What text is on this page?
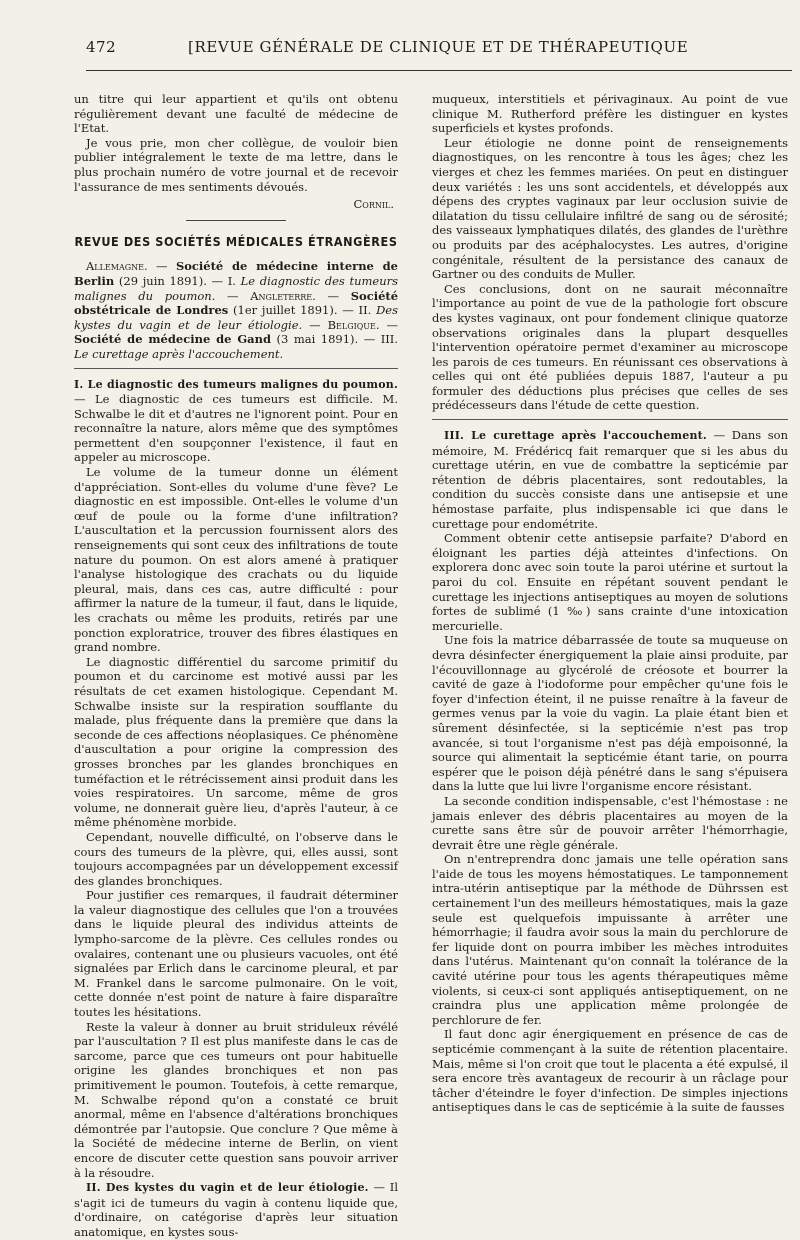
472	[REVUE GÉNÉRALE DE CLINIQUE ET DE THÉRAPEUTIQUE

un titre qui leur appartient et qu'ils ont obtenu régulièrement devant une faculté de médecine de l'Etat.

Je vous prie, mon cher collègue, de vouloir bien publier intégralement le texte de ma lettre, dans le plus prochain numéro de votre journal et de recevoir l'assurance de mes sentiments dévoués.

Cornil.
REVUE DES SOCIÉTÉS MÉDICALES ÉTRANGÈRES

Allemagne. — Société de médecine interne de Berlin (29 juin 1891). — I. Le diagnostic des tumeurs malignes du poumon. — Angleterre. — Société obstétricale de Londres (1er juillet 1891). — II. Des kystes du vagin et de leur étiologie. — Belgique. — Société de médecine de Gand (3 mai 1891). — III. Le curettage après l'accouchement.

I. Le diagnostic des tumeurs malignes du poumon. — Le diagnostic de ces tumeurs est difficile. M. Schwalbe le dit et d'autres ne l'ignorent point. Pour en reconnaître la nature, alors même que des symptômes permettent d'en soupçonner l'existence, il faut en appeler au microscope.

Le volume de la tumeur donne un élément d'appréciation. Sont-elles du volume d'une fève? Le diagnostic en est impossible. Ont-elles le volume d'un œuf de poule ou la forme d'une infiltration? L'auscultation et la percussion fournissent alors des renseignements qui sont ceux des infiltrations de toute nature du poumon. On est alors amené à pratiquer l'analyse histologique des crachats ou du liquide pleural, mais, dans ces cas, autre difficulté : pour affirmer la nature de la tumeur, il faut, dans le liquide, les crachats ou même les produits, retirés par une ponction exploratrice, trouver des fibres élastiques en grand nombre.

Le diagnostic différentiel du sarcome primitif du poumon et du carcinome est motivé aussi par les résultats de cet examen histologique. Cependant M. Schwalbe insiste sur la respiration soufflante du malade, plus fréquente dans la première que dans la seconde de ces affections néoplasiques. Ce phénomène d'auscultation a pour origine la compression des grosses bronches par les glandes bronchiques en tuméfaction et le rétrécissement ainsi produit dans les voies respiratoires. Un sarcome, même de gros volume, ne donnerait guère lieu, d'après l'auteur, à ce même phénomène morbide.

Cependant, nouvelle difficulté, on l'observe dans le cours des tumeurs de la plèvre, qui, elles aussi, sont toujours accompagnées par un développement excessif des glandes bronchiques.

Pour justifier ces remarques, il faudrait déterminer la valeur diagnostique des cellules que l'on a trouvées dans le liquide pleural des individus atteints de lympho-sarcome de la plèvre. Ces cellules rondes ou ovalaires, contenant une ou plusieurs vacuoles, ont été signalées par Erlich dans le carcinome pleural, et par M. Frankel dans le sarcome pulmonaire. On le voit, cette donnée n'est point de nature à faire disparaître toutes les hésitations.

Reste la valeur à donner au bruit striduleux révélé par l'auscultation ? Il est plus manifeste dans le cas de sarcome, parce que ces tumeurs ont pour habituelle origine les glandes bronchiques et non pas primitivement le poumon. Toutefois, à cette remarque, M. Schwalbe répond qu'on a constaté ce bruit anormal, même en l'absence d'altérations bronchiques démontrée par l'autopsie. Que conclure ? Que même à la Société de médecine interne de Berlin, on vient encore de discuter cette question sans pouvoir arriver à la résoudre.

II. Des kystes du vagin et de leur étiologie. — Il s'agit ici de tumeurs du vagin à contenu liquide que, d'ordinaire, on catégorise d'après leur situation anatomique, en kystes sous-

muqueux, interstitiels et périvaginaux. Au point de vue clinique M. Rutherford préfère les distinguer en kystes superficiels et kystes profonds.

Leur étiologie ne donne point de renseignements diagnostiques, on les rencontre à tous les âges; chez les vierges et chez les femmes mariées. On peut en distinguer deux variétés : les uns sont accidentels, et développés aux dépens des cryptes vaginaux par leur occlusion suivie de dilatation du tissu cellulaire infiltré de sang ou de sérosité; des vaisseaux lymphatiques dilatés, des glandes de l'urèthre ou produits par des acéphalocystes. Les autres, d'origine congénitale, résultent de la persistance des canaux de Gartner ou des conduits de Muller.

Ces conclusions, dont on ne saurait méconnaître l'importance au point de vue de la pathologie fort obscure des kystes vaginaux, ont pour fondement clinique quatorze observations originales dans la plupart desquelles l'intervention opératoire permet d'examiner au microscope les parois de ces tumeurs. En réunissant ces observations à celles qui ont été publiées depuis 1887, l'auteur a pu formuler des déductions plus précises que celles de ses prédécesseurs dans l'étude de cette question.

III. Le curettage après l'accouchement. — Dans son mémoire, M. Frédéricq fait remarquer que si les abus du curettage utérin, en vue de combattre la septicémie par rétention de débris placentaires, sont redoutables, la condition du succès consiste dans une antisepsie et une hémostase parfaite, plus indispensable ici que dans le curettage pour endométrite.

Comment obtenir cette antisepsie parfaite? D'abord en éloignant les parties déjà atteintes d'infections. On explorera donc avec soin toute la paroi utérine et surtout la paroi du col. Ensuite en répétant souvent pendant le curettage les injections antiseptiques au moyen de solutions fortes de sublimé (1 ‰) sans crainte d'une intoxication mercurielle.

Une fois la matrice débarrassée de toute sa muqueuse on devra désinfecter énergiquement la plaie ainsi produite, par l'écouvillonnage au glycérolé de créosote et bourrer la cavité de gaze à l'iodoforme pour empêcher qu'une fois le foyer d'infection éteint, il ne puisse renaître à la faveur de germes venus par la voie du vagin. La plaie étant bien et sûrement désinfectée, si la septicémie n'est pas trop avancée, si tout l'organisme n'est pas déjà empoisonné, la source qui alimentait la septicémie étant tarie, on pourra espérer que le poison déjà pénétré dans le sang s'épuisera dans la lutte que lui livre l'organisme encore résistant.

La seconde condition indispensable, c'est l'hémostase : ne jamais enlever des débris placentaires au moyen de la curette sans être sûr de pouvoir arrêter l'hémorrhagie, devrait être une règle générale.

On n'entreprendra donc jamais une telle opération sans l'aide de tous les moyens hémostatiques. Le tamponnement intra-utérin antiseptique par la méthode de Dührssen est certainement l'un des meilleurs hémostatiques, mais la gaze seule est quelquefois impuissante à arrêter une hémorrhagie; il faudra avoir sous la main du perchlorure de fer liquide dont on pourra imbiber les mèches introduites dans l'utérus. Maintenant qu'on connaît la tolérance de la cavité utérine pour tous les agents thérapeutiques même violents, si ceux-ci sont appliqués antiseptiquement, on ne craindra plus une application même prolongée de perchlorure de fer.

Il faut donc agir énergiquement en présence de cas de septicémie commençant à la suite de rétention placentaire. Mais, même si l'on croit que tout le placenta a été expulsé, il sera encore très avantageux de recourir à un râclage pour tâcher d'éteindre le foyer d'infection. De simples injections antiseptiques dans le cas de septicémie à la suite de fausses
